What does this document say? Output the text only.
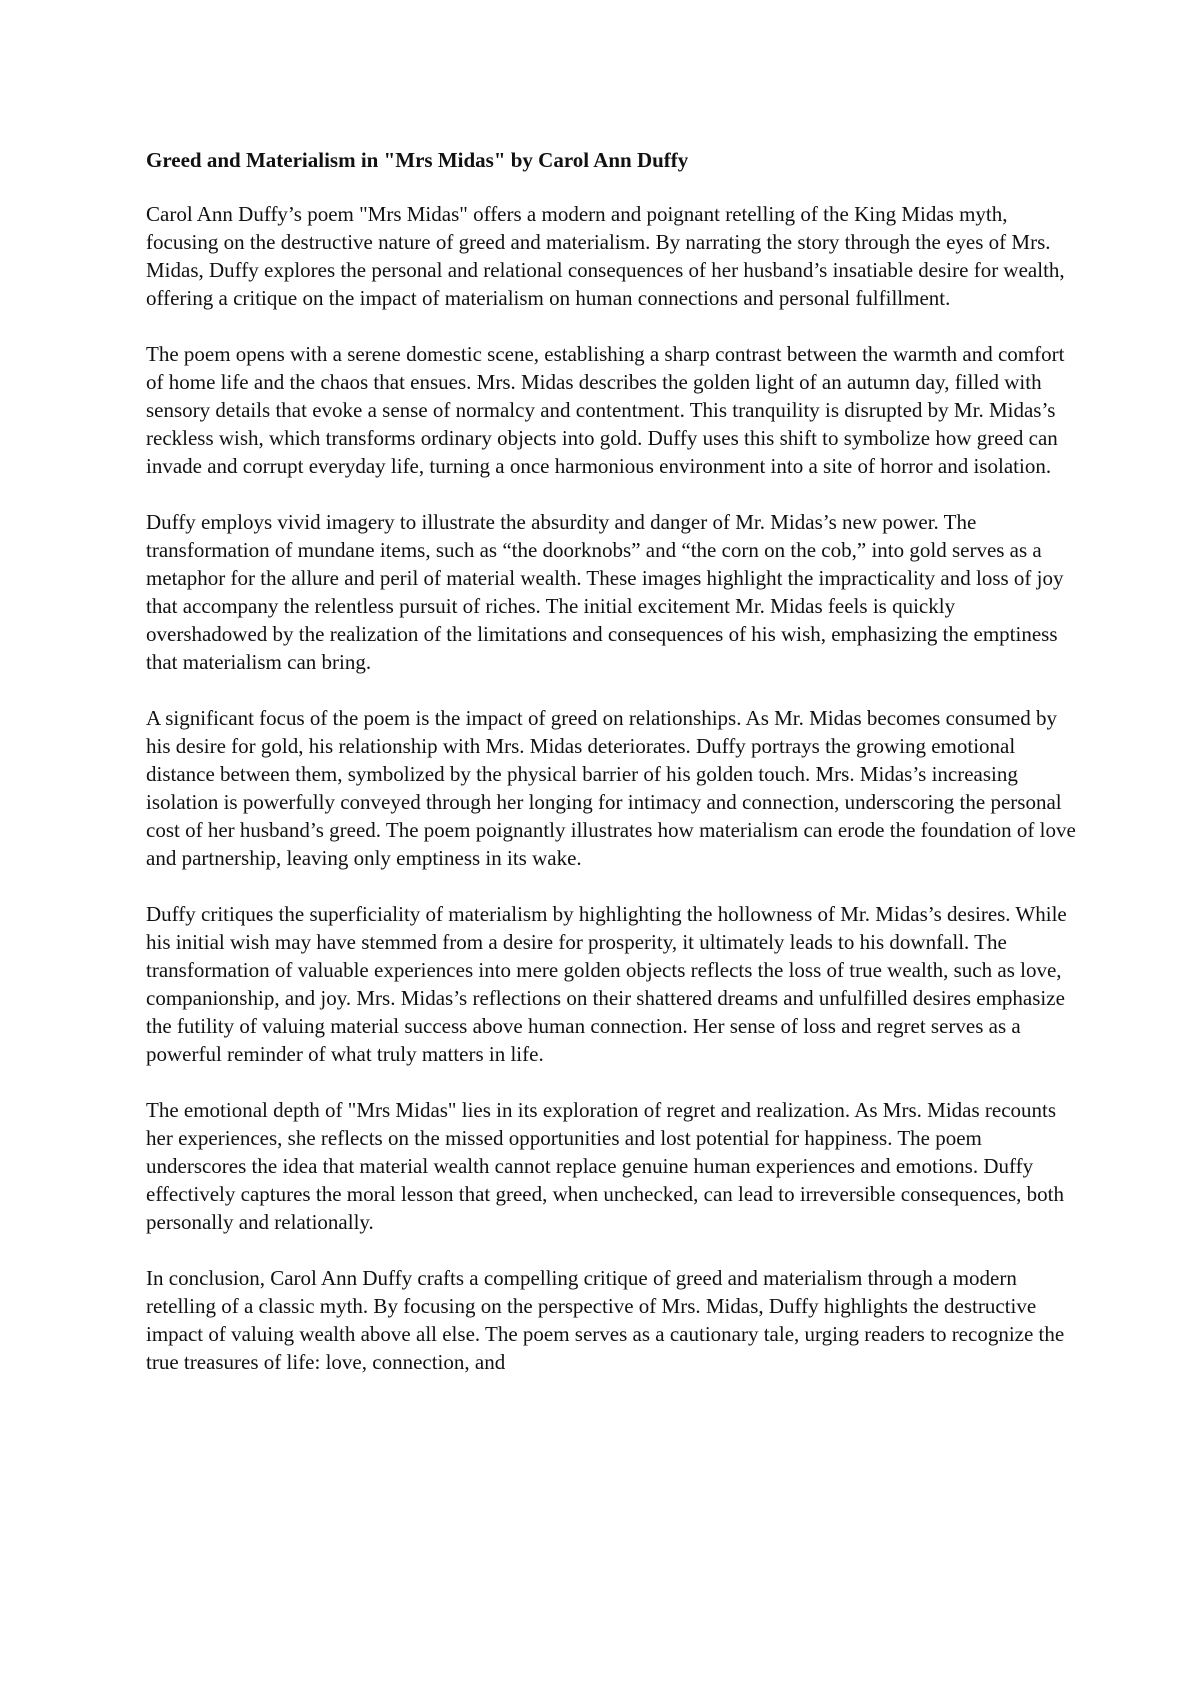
Greed and Materialism in "Mrs Midas" by Carol Ann Duffy

Carol Ann Duffy’s poem "Mrs Midas" offers a modern and poignant retelling of the King Midas myth, focusing on the destructive nature of greed and materialism. By narrating the story through the eyes of Mrs. Midas, Duffy explores the personal and relational consequences of her husband’s insatiable desire for wealth, offering a critique on the impact of materialism on human connections and personal fulfillment.

The poem opens with a serene domestic scene, establishing a sharp contrast between the warmth and comfort of home life and the chaos that ensues. Mrs. Midas describes the golden light of an autumn day, filled with sensory details that evoke a sense of normalcy and contentment. This tranquility is disrupted by Mr. Midas’s reckless wish, which transforms ordinary objects into gold. Duffy uses this shift to symbolize how greed can invade and corrupt everyday life, turning a once harmonious environment into a site of horror and isolation.

Duffy employs vivid imagery to illustrate the absurdity and danger of Mr. Midas’s new power. The transformation of mundane items, such as “the doorknobs” and “the corn on the cob,” into gold serves as a metaphor for the allure and peril of material wealth. These images highlight the impracticality and loss of joy that accompany the relentless pursuit of riches. The initial excitement Mr. Midas feels is quickly overshadowed by the realization of the limitations and consequences of his wish, emphasizing the emptiness that materialism can bring.

A significant focus of the poem is the impact of greed on relationships. As Mr. Midas becomes consumed by his desire for gold, his relationship with Mrs. Midas deteriorates. Duffy portrays the growing emotional distance between them, symbolized by the physical barrier of his golden touch. Mrs. Midas’s increasing isolation is powerfully conveyed through her longing for intimacy and connection, underscoring the personal cost of her husband’s greed. The poem poignantly illustrates how materialism can erode the foundation of love and partnership, leaving only emptiness in its wake.

Duffy critiques the superficiality of materialism by highlighting the hollowness of Mr. Midas’s desires. While his initial wish may have stemmed from a desire for prosperity, it ultimately leads to his downfall. The transformation of valuable experiences into mere golden objects reflects the loss of true wealth, such as love, companionship, and joy. Mrs. Midas’s reflections on their shattered dreams and unfulfilled desires emphasize the futility of valuing material success above human connection. Her sense of loss and regret serves as a powerful reminder of what truly matters in life.

The emotional depth of "Mrs Midas" lies in its exploration of regret and realization. As Mrs. Midas recounts her experiences, she reflects on the missed opportunities and lost potential for happiness. The poem underscores the idea that material wealth cannot replace genuine human experiences and emotions. Duffy effectively captures the moral lesson that greed, when unchecked, can lead to irreversible consequences, both personally and relationally.

In conclusion, Carol Ann Duffy crafts a compelling critique of greed and materialism through a modern retelling of a classic myth. By focusing on the perspective of Mrs. Midas, Duffy highlights the destructive impact of valuing wealth above all else. The poem serves as a cautionary tale, urging readers to recognize the true treasures of life: love, connection, and
